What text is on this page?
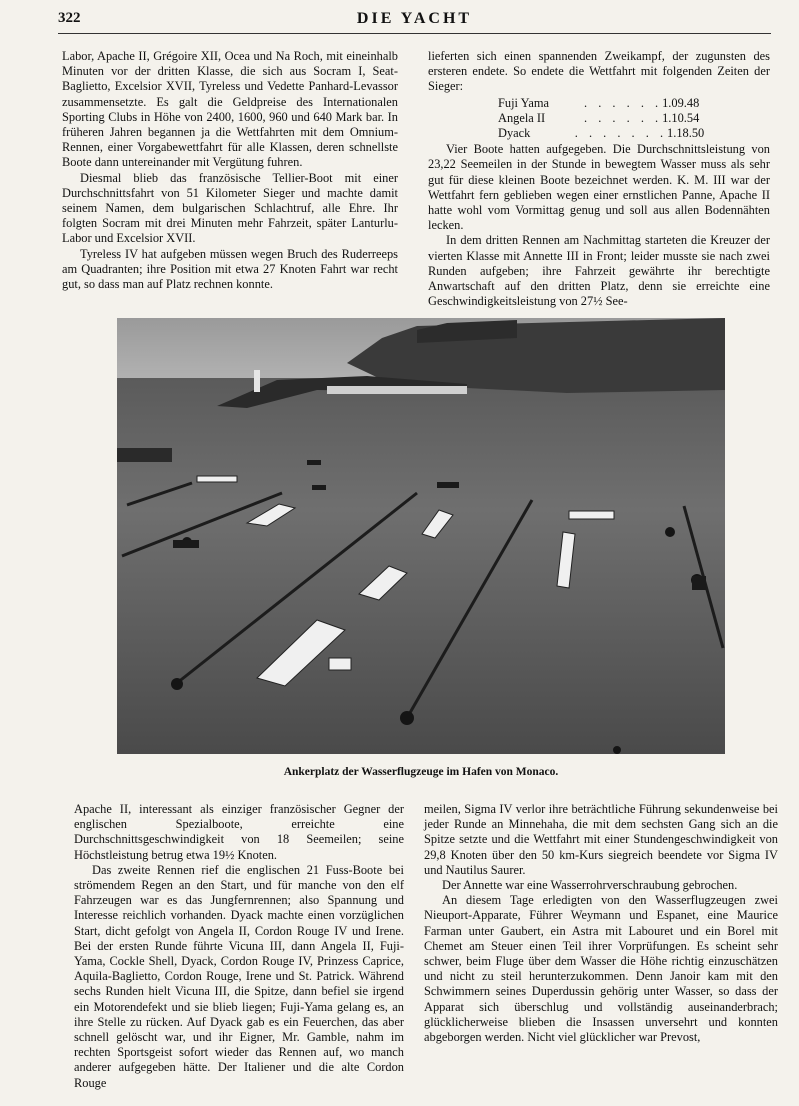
322	DIE YACHT

Labor, Apache II, Grégoire XII, Ocea und Na Roch, mit eineinhalb Minuten vor der dritten Klasse, die sich aus Socram I, Seat-Baglietto, Excelsior XVII, Tyreless und Vedette Panhard-Levassor zusammensetzte. Es galt die Geldpreise des Internationalen Sporting Clubs in Höhe von 2400, 1600, 960 und 640 Mark bar. In früheren Jahren begannen ja die Wettfahrten mit dem Omnium-Rennen, einer Vorgabewettfahrt für alle Klassen, deren schnellste Boote dann untereinander mit Vergütung fuhren.

Diesmal blieb das französische Tellier-Boot mit einer Durchschnittsfahrt von 51 Kilometer Sieger und machte damit seinem Namen, dem bulgarischen Schlachtruf, alle Ehre. Ihr folgten Socram mit drei Minuten mehr Fahrzeit, später Lanturlu-Labor und Excelsior XVII.

Tyreless IV hat aufgeben müssen wegen Bruch des Ruderreeps am Quadranten; ihre Position mit etwa 27 Knoten Fahrt war recht gut, so dass man auf Platz rechnen konnte.

lieferten sich einen spannenden Zweikampf, der zugunsten des ersteren endete. So endete die Wettfahrt mit folgenden Zeiten der Sieger:

Fuji Yama	. . . . . . 1.09.48
Angela II	. . . . . . 1.10.54
Dyack	. . . . . . . 1.18.50

Vier Boote hatten aufgegeben. Die Durchschnittsleistung von 23,22 Seemeilen in der Stunde in bewegtem Wasser muss als sehr gut für diese kleinen Boote bezeichnet werden. K. M. III war der Wettfahrt fern geblieben wegen einer ernstlichen Panne, Apache II hatte wohl vom Vormittag genug und soll aus allen Bodennähten lecken.

In dem dritten Rennen am Nachmittag starteten die Kreuzer der vierten Klasse mit Annette III in Front; leider musste sie nach zwei Runden aufgeben; ihre Fahrzeit gewährte ihr berechtigte Anwartschaft auf den dritten Platz, denn sie erreichte eine Geschwindigkeitsleistung von 27½ See-

Ankerplatz der Wasserflugzeuge im Hafen von Monaco.

Apache II, interessant als einziger französischer Gegner der englischen Spezialboote, erreichte eine Durchschnittsgeschwindigkeit von 18 Seemeilen; seine Höchstleistung betrug etwa 19½ Knoten.

Das zweite Rennen rief die englischen 21 Fuss-Boote bei strömendem Regen an den Start, und für manche von den elf Fahrzeugen war es das Jungfernrennen; also Spannung und Interesse reichlich vorhanden. Dyack machte einen vorzüglichen Start, dicht gefolgt von Angela II, Cordon Rouge IV und Irene. Bei der ersten Runde führte Vicuna III, dann Angela II, Fuji-Yama, Cockle Shell, Dyack, Cordon Rouge IV, Prinzess Caprice, Aquila-Baglietto, Cordon Rouge, Irene und St. Patrick. Während sechs Runden hielt Vicuna III, die Spitze, dann befiel sie irgend ein Motorendefekt und sie blieb liegen; Fuji-Yama gelang es, an ihre Stelle zu rücken. Auf Dyack gab es ein Feuerchen, das aber schnell gelöscht war, und ihr Eigner, Mr. Gamble, nahm im rechten Sportsgeist sofort wieder das Rennen auf, wo manch anderer aufgegeben hätte. Der Italiener und die alte Cordon Rouge

meilen, Sigma IV verlor ihre beträchtliche Führung sekundenweise bei jeder Runde an Minnehaha, die mit dem sechsten Gang sich an die Spitze setzte und die Wettfahrt mit einer Stundengeschwindigkeit von 29,8 Knoten über den 50 km-Kurs siegreich beendete vor Sigma IV und Nautilus Saurer.

Der Annette war eine Wasserrohrverschraubung gebrochen.

An diesem Tage erledigten von den Wasserflugzeugen zwei Nieuport-Apparate, Führer Weymann und Espanet, eine Maurice Farman unter Gaubert, ein Astra mit Labouret und ein Borel mit Chemet am Steuer einen Teil ihrer Vorprüfungen. Es scheint sehr schwer, beim Fluge über dem Wasser die Höhe richtig einzuschätzen und nicht zu steil herunterzukommen. Denn Janoir kam mit den Schwimmern seines Duperdussin gehörig unter Wasser, so dass der Apparat sich überschlug und vollständig auseinanderbrach; glücklicherweise blieben die Insassen unversehrt und konnten abgeborgen werden. Nicht viel glücklicher war Prevost,
